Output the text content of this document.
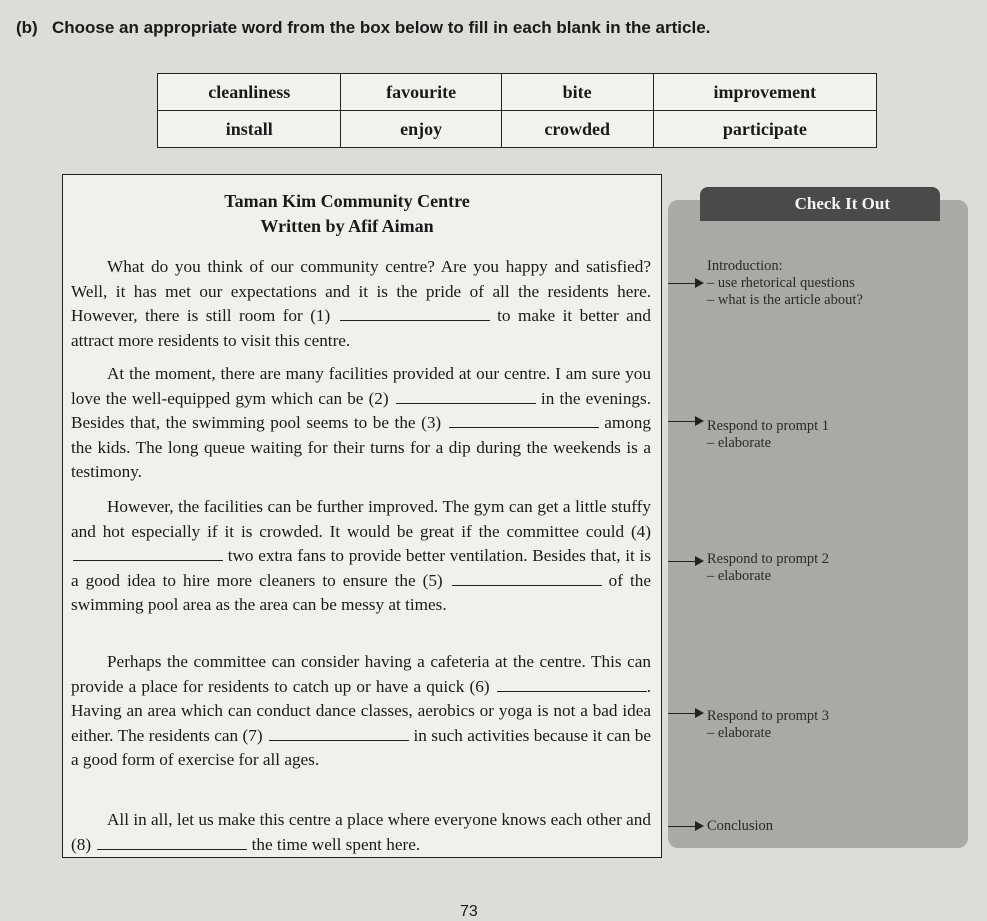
(b) Choose an appropriate word from the box below to fill in each blank in the article.
cleanliness	favourite	bite	improvement
install	enjoy	crowded	participate
Check It Out
Taman Kim Community Centre
Written by Afif Aiman
What do you think of our community centre? Are you happy and satisfied? Well, it has met our expectations and it is the pride of all the residents here. However, there is still room for (1)	to make it better and attract more residents to visit this centre.
At the moment, there are many facilities provided at our centre. I am sure you love the well-equipped gym which can be (2)	in the evenings. Besides that, the swimming pool seems to be the (3)	among the kids. The long queue waiting for their turns for a dip during the weekends is a testimony.
However, the facilities can be further improved. The gym can get a little stuffy and hot especially if it is crowded. It would be great if the committee could (4)  two extra fans to provide better ventilation. Besides that, it is a good idea to hire more cleaners to ensure the (5)	of the swimming pool area as the area can be messy at times.
Perhaps the committee can consider having a cafeteria at the centre. This can provide a place for residents to catch up or have a quick (6)	. Having an area which can conduct dance classes, aerobics or yoga is not a bad idea either. The residents can (7)	in such activities because it can be a good form of exercise for all ages.
All in all, let us make this centre a place where everyone knows each other and (8)	the time well spent here.
Introduction:
– use rhetorical questions
– what is the article about?
Respond to prompt 1
– elaborate
Respond to prompt 2
– elaborate
Respond to prompt 3
– elaborate
Conclusion
73
